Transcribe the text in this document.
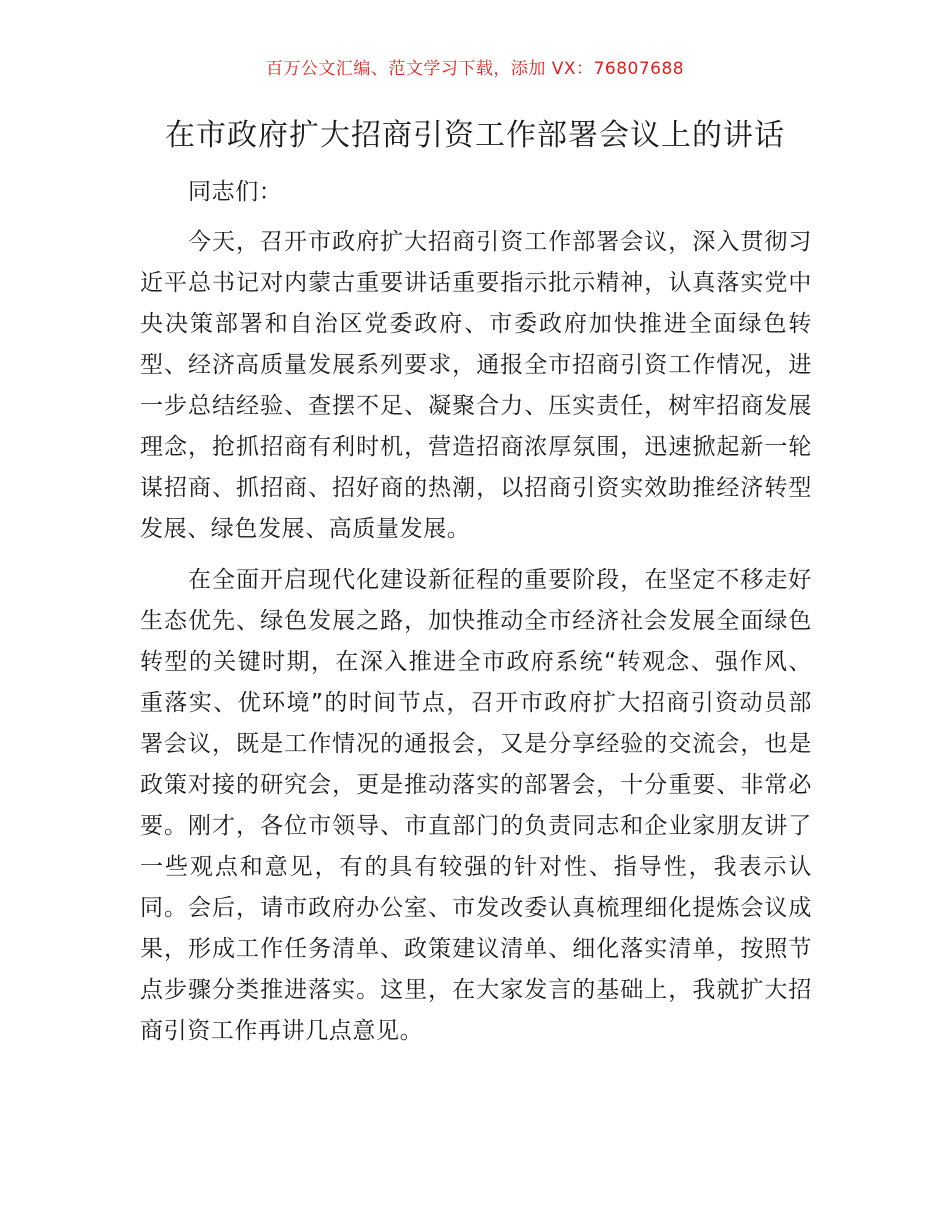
百万公文汇编、范文学习下载，添加 VX：76807688
在市政府扩大招商引资工作部署会议上的讲话

同志们：

今天，召开市政府扩大招商引资工作部署会议，深入贯彻习近平总书记对内蒙古重要讲话重要指示批示精神，认真落实党中央决策部署和自治区党委政府、市委政府加快推进全面绿色转型、经济高质量发展系列要求，通报全市招商引资工作情况，进一步总结经验、查摆不足、凝聚合力、压实责任，树牢招商发展理念，抢抓招商有利时机，营造招商浓厚氛围，迅速掀起新一轮谋招商、抓招商、招好商的热潮，以招商引资实效助推经济转型发展、绿色发展、高质量发展。

在全面开启现代化建设新征程的重要阶段，在坚定不移走好生态优先、绿色发展之路，加快推动全市经济社会发展全面绿色转型的关键时期，在深入推进全市政府系统“转观念、强作风、重落实、优环境”的时间节点，召开市政府扩大招商引资动员部署会议，既是工作情况的通报会，又是分享经验的交流会，也是政策对接的研究会，更是推动落实的部署会，十分重要、非常必要。刚才，各位市领导、市直部门的负责同志和企业家朋友讲了一些观点和意见，有的具有较强的针对性、指导性，我表示认同。会后，请市政府办公室、市发改委认真梳理细化提炼会议成果，形成工作任务清单、政策建议清单、细化落实清单，按照节点步骤分类推进落实。这里，在大家发言的基础上，我就扩大招商引资工作再讲几点意见。
